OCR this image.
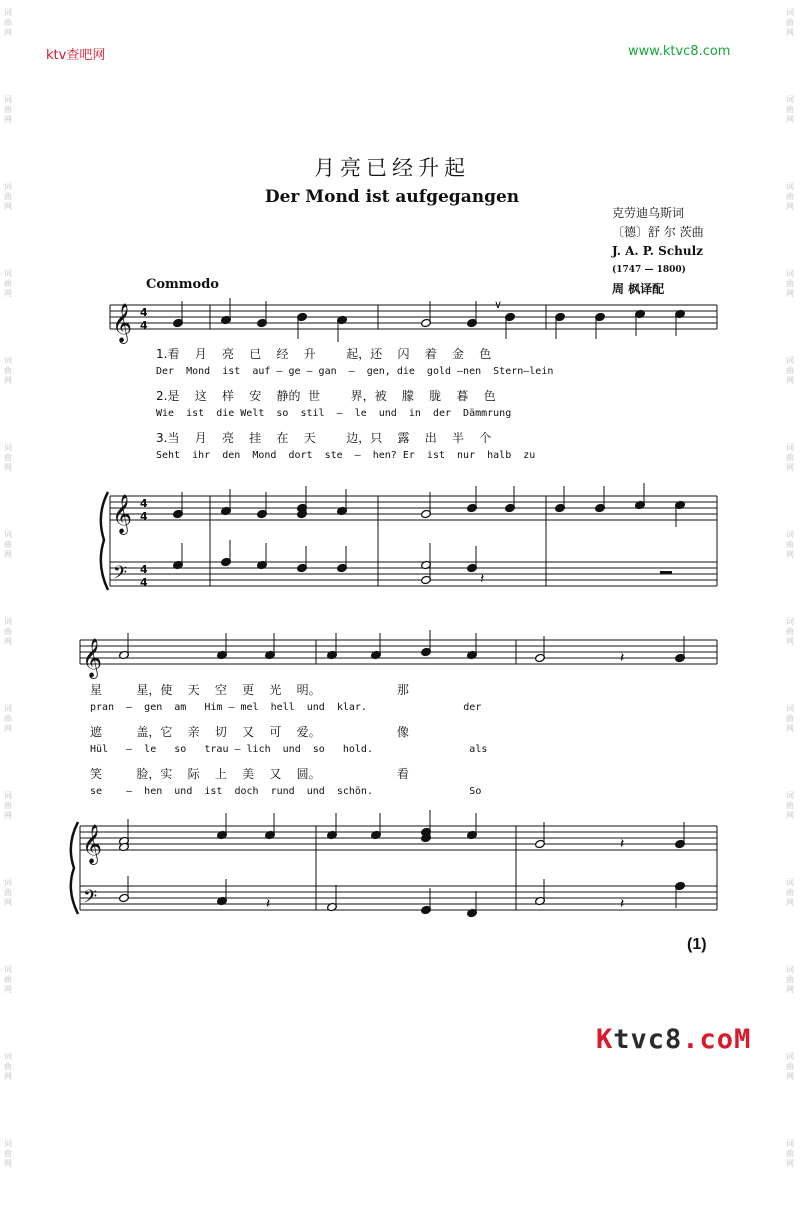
词
曲
网
词
曲
网
词
曲
网
词
曲
网
词
曲
网
词
曲
网
词
曲
网
词
曲
网
词
曲
网
词
曲
网
词
曲
网
词
曲
网
词
曲
网
词
曲
网
词
曲
网
词
曲
网
词
曲
网
词
曲
网
词
曲
网
词
曲
网
词
曲
网
词
曲
网
词
曲
网
词
曲
网
词
曲
网
词
曲
网
词
曲
网
词
曲
网
ktv查吧网	www.ktvc8.com
月亮已经升起
Der Mond ist aufgegangen
克劳迪乌斯词
〔德〕舒 尔 茨曲
J. A. P. Schulz
(1747 — 1800)
周 枫译配
Commodo
𝄞
𝄞
𝄢
𝄞
𝄞
𝄢
4
4
4
4
4
4
∨
𝄽
𝄽
𝄽
𝄽	𝄽
1.看    月    亮    已    经    升        起，还    闪    着    金    色
Der  Mond  ist  auf — ge — gan  —  gen, die  gold —nen  Stern—lein
2.是    这    样    安    静的  世        界，被    朦    胧    暮    色
Wie  ist  die Welt  so  stil  —  le  und  in  der  Dämmrung
3.当    月    亮    挂    在    天        边，只    露    出    半    个
Seht  ihr  den  Mond  dort  ste  —  hen? Er  ist  nur  halb  zu
星         星，使    天    空    更    光    明。                    那
pran  —  gen  am   Him — mel  hell  und  klar.                der
遮         盖，它    亲    切    又    可    爱。                    像
Hül   —  le   so   trau — lich  und  so   hold.                als
笑         脸，实    际    上    美    又    圆。                    看
se    —  hen  und  ist  doch  rund  und  schön.                So
(1)
Ktvc8.coM
